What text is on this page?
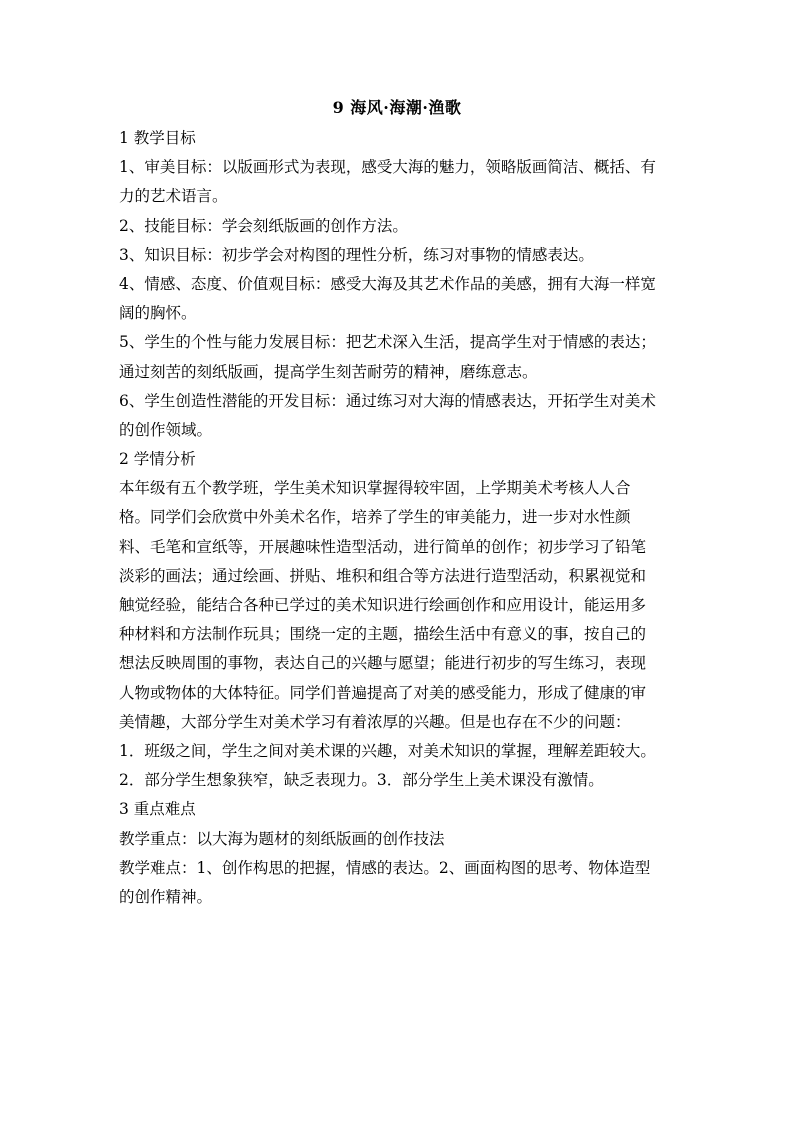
9 海风·海潮·渔歌
1 教学目标
1、审美目标：以版画形式为表现，感受大海的魅力，领略版画简洁、概括、有
力的艺术语言。
2、技能目标：学会刻纸版画的创作方法。
3、知识目标：初步学会对构图的理性分析，练习对事物的情感表达。
4、情感、态度、价值观目标：感受大海及其艺术作品的美感，拥有大海一样宽
阔的胸怀。
5、学生的个性与能力发展目标：把艺术深入生活，提高学生对于情感的表达；
通过刻苦的刻纸版画，提高学生刻苦耐劳的精神，磨练意志。
6、学生创造性潜能的开发目标：通过练习对大海的情感表达，开拓学生对美术
的创作领域。
2 学情分析
本年级有五个教学班，学生美术知识掌握得较牢固，上学期美术考核人人合
格。同学们会欣赏中外美术名作，培养了学生的审美能力，进一步对水性颜
料、毛笔和宣纸等，开展趣味性造型活动，进行简单的创作；初步学习了铅笔
淡彩的画法；通过绘画、拼贴、堆积和组合等方法进行造型活动，积累视觉和
触觉经验，能结合各种已学过的美术知识进行绘画创作和应用设计，能运用多
种材料和方法制作玩具；围绕一定的主题，描绘生活中有意义的事，按自己的
想法反映周围的事物，表达自己的兴趣与愿望；能进行初步的写生练习，表现
人物或物体的大体特征。同学们普遍提高了对美的感受能力，形成了健康的审
美情趣，大部分学生对美术学习有着浓厚的兴趣。但是也存在不少的问题：
1．班级之间，学生之间对美术课的兴趣，对美术知识的掌握，理解差距较大。
2．部分学生想象狭窄，缺乏表现力。3．部分学生上美术课没有激情。
3 重点难点
教学重点：以大海为题材的刻纸版画的创作技法
教学难点：1、创作构思的把握，情感的表达。2、画面构图的思考、物体造型
的创作精神。
